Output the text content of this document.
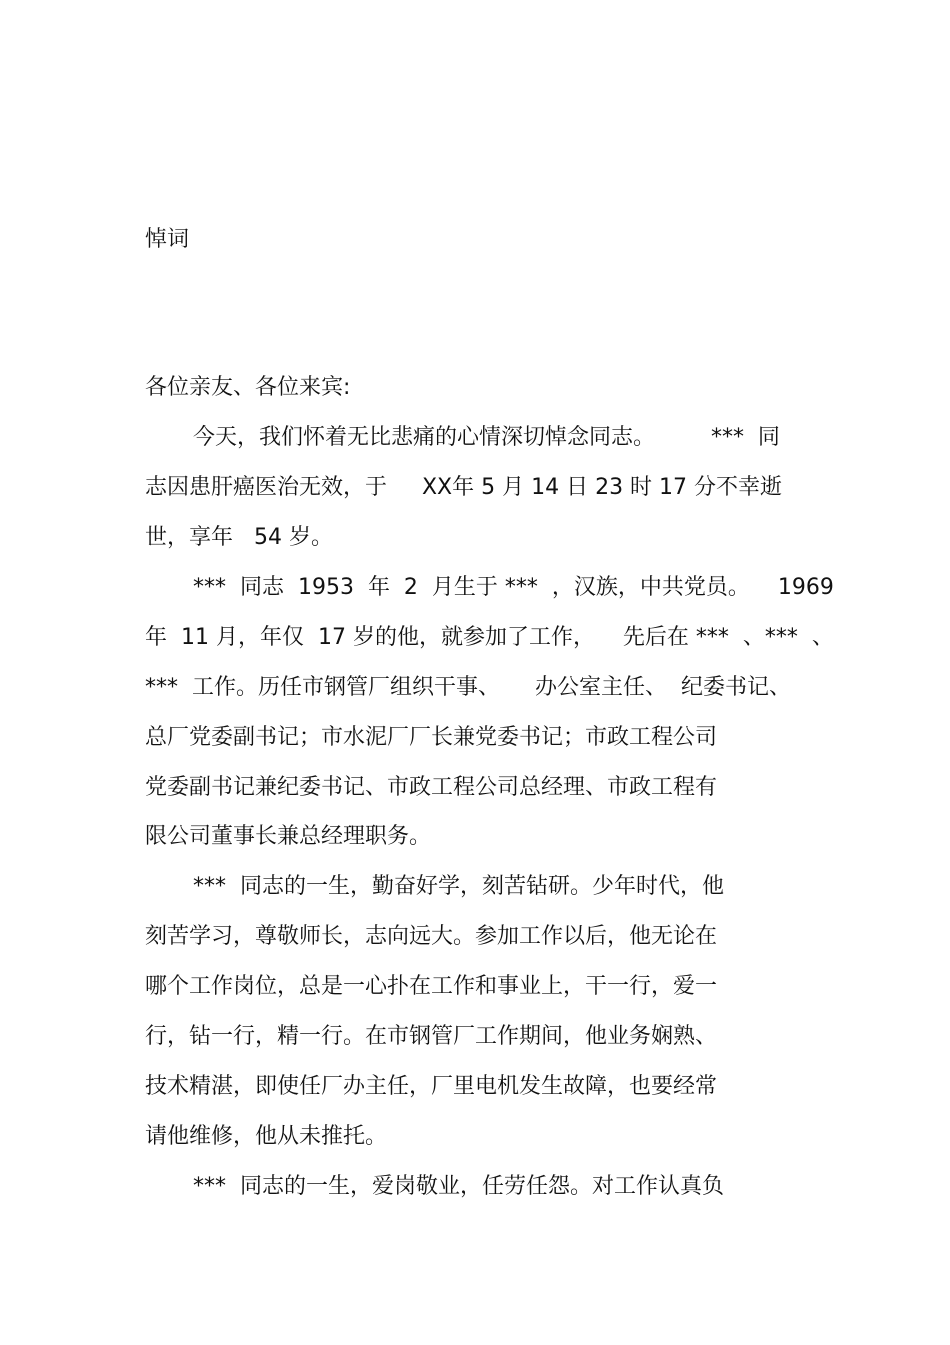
悼词
各位亲友、各位来宾:
今天，我们怀着无比悲痛的心情深切悼念同志。        ***  同
志因患肝癌医治无效，于     XX年 5 月 14 日 23 时 17 分不幸逝
世，享年   54 岁。
***  同志  1953  年  2  月生于 ***  ，汉族，中共党员。    1969
年  11 月，年仅  17 岁的他，就参加了工作，    先后在 ***  、***  、
***  工作。历任市钢管厂组织干事、     办公室主任、  纪委书记、
总厂党委副书记；市水泥厂厂长兼党委书记；市政工程公司
党委副书记兼纪委书记、市政工程公司总经理、市政工程有
限公司董事长兼总经理职务。
***  同志的一生，勤奋好学，刻苦钻研。少年时代，他
刻苦学习，尊敬师长，志向远大。参加工作以后，他无论在
哪个工作岗位，总是一心扑在工作和事业上，干一行，爱一
行，钻一行，精一行。在市钢管厂工作期间，他业务娴熟、
技术精湛，即使任厂办主任，厂里电机发生故障，也要经常
请他维修，他从未推托。
***  同志的一生，爱岗敬业，任劳任怨。对工作认真负
